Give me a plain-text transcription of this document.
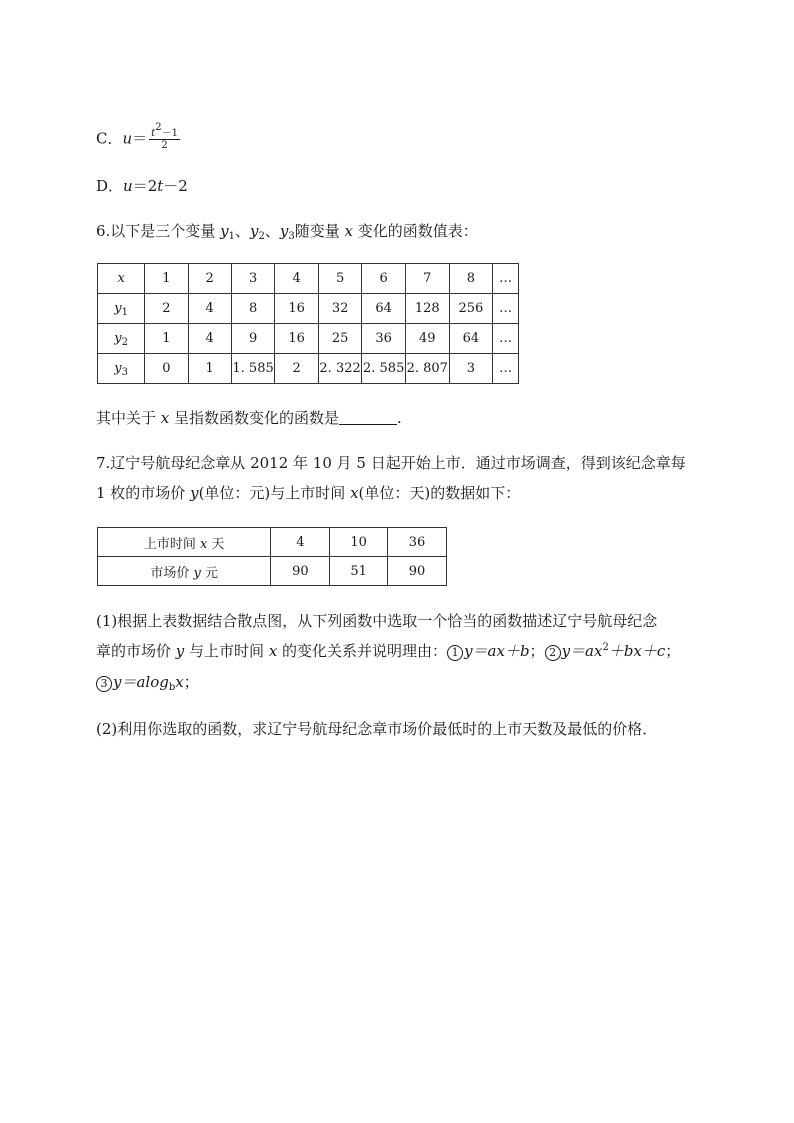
C．$u= \frac{t^2-1}{2}$
D．u＝2t－2
6.以下是三个变量 $y_1$、$y_2$、$y_3$随变量 x 变化的函数值表：
x	1	2	3	4	5	6	7	8	…
$y_1$	2	4	8	16	32	64	128	256	…
$y_2$	1	4	9	16	25	36	49	64	…
$y_3$	0	1	1. 585	2	2. 322	2. 585	2. 807	3	…
其中关于 x 呈指数函数变化的函数是	.
7.辽宁号航母纪念章从 2012 年 10 月 5 日起开始上市．通过市场调查，得到该纪念章每
1 枚的市场价 y(单位：元)与上市时间 x(单位：天)的数据如下：
上市时间 x 天	4	10	36
市场价 y 元	90	51	90
(1)根据上表数据结合散点图，从下列函数中选取一个恰当的函数描述辽宁号航母纪念
章的市场价 y 与上市时间 x 的变化关系并说明理由： 1 y＝ax＋b； 2 $y=ax^2+bx+c$；
3 y＝alog$_b$x；
(2)利用你选取的函数，求辽宁号航母纪念章市场价最低时的上市天数及最低的价格．
